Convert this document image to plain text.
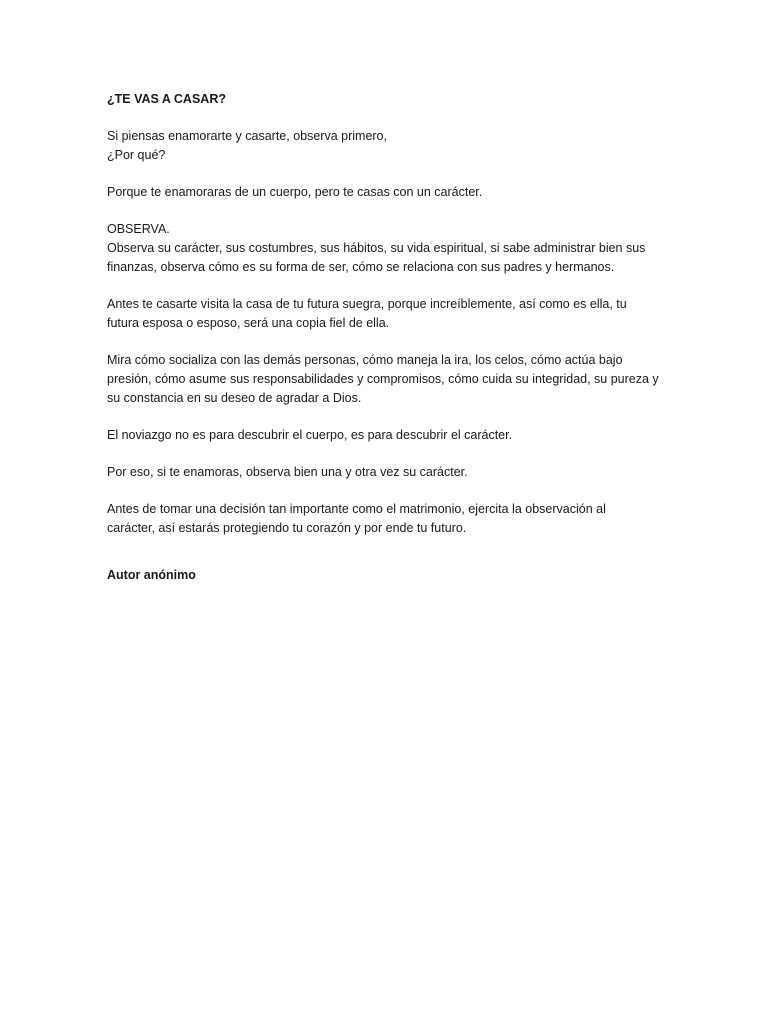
¿TE VAS A CASAR?
Si piensas enamorarte y casarte, observa primero,
¿Por qué?
Porque te enamoraras de un cuerpo, pero te casas con un carácter.
OBSERVA.
Observa su carácter, sus costumbres, sus hábitos, su vida espiritual, si sabe administrar bien sus
finanzas, observa cómo es su forma de ser, cómo se relaciona con sus padres y hermanos.
Antes te casarte visita la casa de tu futura suegra, porque increíblemente, así como es ella, tu
futura esposa o esposo, será una copia fiel de ella.
Mira cómo socializa con las demás personas, cómo maneja la ira, los celos, cómo actúa bajo
presión, cómo asume sus responsabilidades y compromisos, cómo cuida su integridad, su pureza y
su constancia en su deseo de agradar a Dios.
El noviazgo no es para descubrir el cuerpo, es para descubrir el carácter.
Por eso, si te enamoras, observa bien una y otra vez su carácter.
Antes de tomar una decisión tan importante como el matrimonio, ejercita la observación al
carácter, así estarás protegiendo tu corazón y por ende tu futuro.
Autor anónimo
